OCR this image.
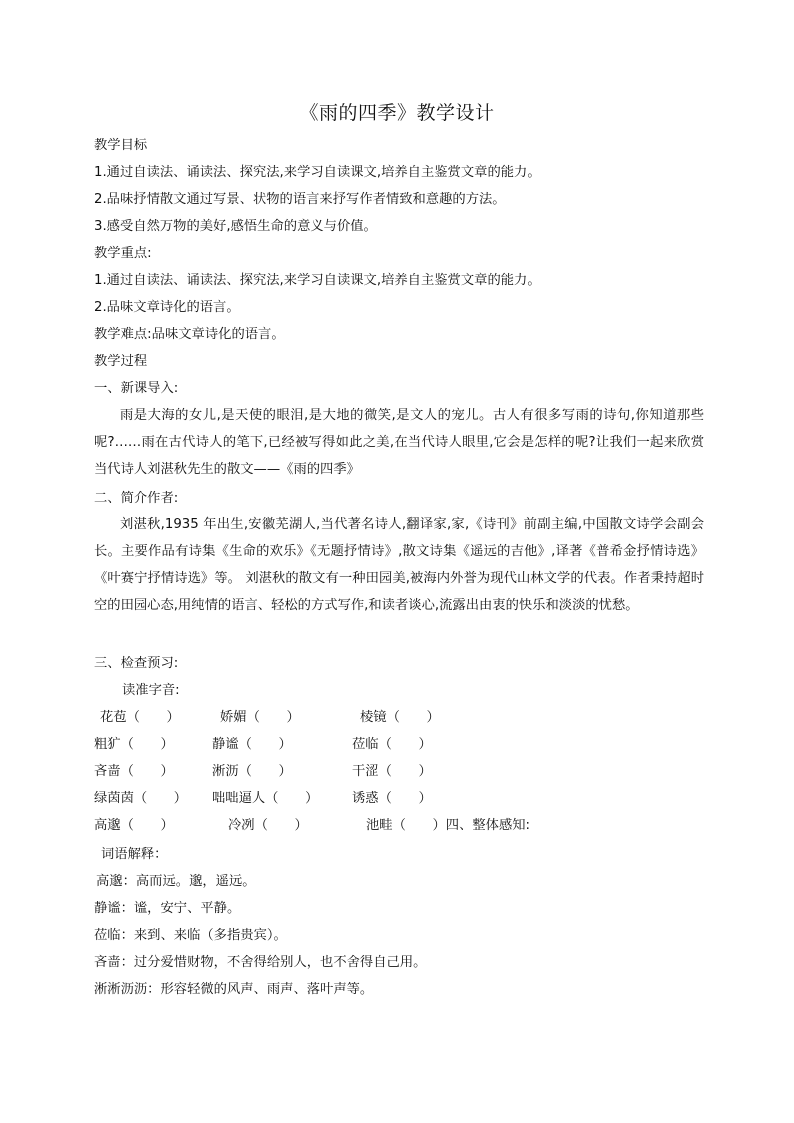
《雨的四季》教学设计
教学目标
1.通过自读法、诵读法、探究法,来学习自读课文,培养自主鉴赏文章的能力。
2.品味抒情散文通过写景、状物的语言来抒写作者情致和意趣的方法。
3.感受自然万物的美好,感悟生命的意义与价值。
教学重点:
1.通过自读法、诵读法、探究法,来学习自读课文,培养自主鉴赏文章的能力。
2.品味文章诗化的语言。
教学难点:品味文章诗化的语言。
教学过程
一、新课导入:
雨是大海的女儿,是天使的眼泪,是大地的微笑,是文人的宠儿。古人有很多写雨的诗句,你知道那些呢?……雨在古代诗人的笔下,已经被写得如此之美,在当代诗人眼里,它会是怎样的呢?让我们一起来欣赏当代诗人刘湛秋先生的散文——《雨的四季》
二、简介作者:
刘湛秋,1935 年出生,安徽芜湖人,当代著名诗人,翻译家,家,《诗刊》前副主编,中国散文诗学会副会长。主要作品有诗集《生命的欢乐》《无题抒情诗》,散文诗集《遥远的吉他》,译著《普希金抒情诗选》《叶赛宁抒情诗选》等。 刘湛秋的散文有一种田园美,被海内外誉为现代山林文学的代表。作者秉持超时空的田园心态,用纯情的语言、轻松的方式写作,和读者谈心,流露出由衷的快乐和淡淡的忧愁。
三、检查预习:
读准字音:
花苞（　　）	娇媚（　　）	棱镜（　　）
粗犷（　　）	静谧（　　）	莅临（　　）
吝啬（　　）	淅沥（　　）	干涩（　　）
绿茵茵（　　） 咄咄逼人（　　）	诱惑（　　）
高邈（　　）	冷冽（　　）	池畦（　　）四、整体感知:
词语解释：
高邈：高而远。邈，遥远。
静谧：谧，安宁、平静。
莅临：来到、来临（多指贵宾）。
吝啬：过分爱惜财物，不舍得给别人，也不舍得自己用。
淅淅沥沥：形容轻微的风声、雨声、落叶声等。
